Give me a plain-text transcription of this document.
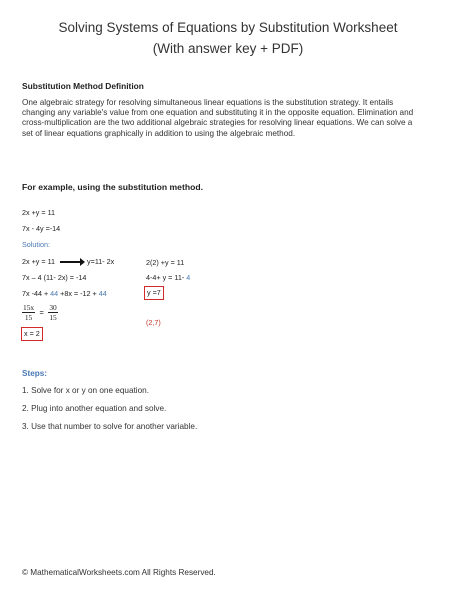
Solving Systems of Equations by Substitution Worksheet
(With answer key + PDF)
Substitution Method Definition
One algebraic strategy for resolving simultaneous linear equations is the substitution strategy. It entails changing any variable's value from one equation and substituting it in the opposite equation. Elimination and cross-multiplication are the two additional algebraic strategies for resolving linear equations. We can solve a set of linear equations graphically in addition to using the algebraic method.
For example, using the substitution method.
2x +y = 11
7x - 4y =-14
Solution:
2x +y = 11	y=11- 2x
7x – 4 (11- 2x) = -14
7x -44 + 44 +8x = -12 + 44
$\frac{15x}{15} = \frac{30}{15}$
x = 2
2(2) +y = 11
4-4+ y = 11- 4
y =7
(2,7)
Steps:
1. Solve for x or y on one equation.
2. Plug into another equation and solve.
3. Use that number to solve for another variable.
© MathematicalWorksheets.com All Rights Reserved.
